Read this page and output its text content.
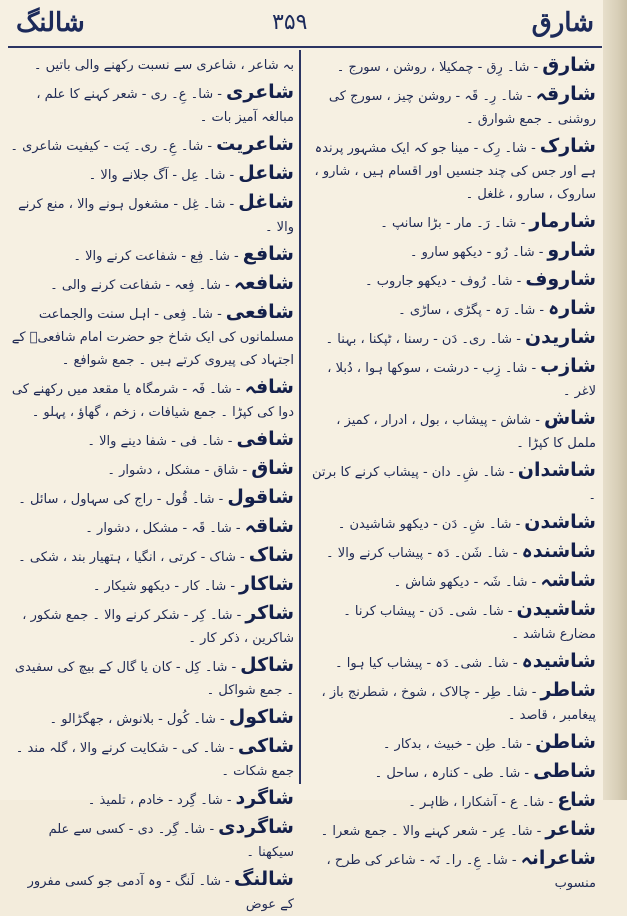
شارق
۳۵۹
شالنگ

شارق- شا۔ رِق - چمکیلا ، روشن ، سورج ۔

شارقہ- شا۔ رِ۔ قَہ - روشن چیز ، سورج کی روشنی ۔ جمع شوارق ۔

شارک- شا۔ رِک - مینا جو کہ ایک مشہور پرندہ ہے اور جس کی چند جنسیں اور اقسام ہیں ، شارو ، ساروک ، سارو ، غلغل ۔

شارمار- شا۔ رَ۔ مار - بڑا سانپ ۔

شارو- شا۔ رُو - دیکھو سارو ۔

شاروف- شا۔ رُوف - دیکھو جاروب ۔

شارہ- شا۔ رَہ - پگڑی ، ساڑی ۔

شاریدن- شا۔ ری۔ دَن - رسنا ، ٹپکنا ، بہنا ۔

شازب- شا۔ زِب - درشت ، سوکھا ہوا ، دُبلا ، لاغر ۔

شاش- شاش - پیشاب ، بول ، ادرار ، کمیز ، ململ کا کپڑا ۔

شاشدان- شا۔ شِ۔ دان - پیشاب کرنے کا برتن ۔

شاشدن- شا۔ شِ۔ دَن - دیکھو شاشیدن ۔

شاشندہ- شا۔ شَن۔ دَہ - پیشاب کرنے والا ۔

شاشہ- شا۔ شَہ - دیکھو شاش ۔

شاشیدن- شا۔ شی۔ دَن - پیشاب کرنا ۔ مضارع شاشد ۔

شاشیدہ- شا۔ شی۔ دَہ - پیشاب کیا ہوا ۔

شاطر- شا۔ طِر - چالاک ، شوخ ، شطرنج باز ، پیغامبر ، قاصد ۔

شاطن- شا۔ طِن - خبیث ، بدکار ۔

شاطی- شا۔ طی - کنارہ ، ساحل ۔

شاع- شا۔ ع - آشکارا ، ظاہر ۔

شاعر- شا۔ عِر - شعر کہنے والا ۔ جمع شعرا ۔

شاعرانہ- شا۔ عِ۔ را۔ نَہ - شاعر کی طرح ، منسوب

بہ شاعر ، شاعری سے نسبت رکھنے والی باتیں ۔

شاعری- شا۔ عِ۔ ری - شعر کہنے کا علم ، مبالغہ آمیز بات ۔

شاعریت- شا۔ عِ۔ ری۔ یَت - کیفیت شاعری ۔

شاعل- شا۔ عِل - آگ جلانے والا ۔

شاغل- شا۔ غِل - مشغول ہونے والا ، منع کرنے والا ۔

شافع- شا۔ فِع - شفاعت کرنے والا ۔

شافعہ- شا۔ فِعہ - شفاعت کرنے والی ۔

شافعی- شا۔ فِعی - اہل سنت والجماعت مسلمانوں کی ایک شاخ جو حضرت امام شافعیؒ کے اجتہاد کی پیروی کرتے ہیں ۔ جمع شوافع ۔

شافہ- شا۔ فَہ - شرمگاہ یا مقعد میں رکھنے کی دوا کی کپڑا ۔ جمع شیافات ، زخم ، گھاؤ ، پہلو ۔

شافی- شا۔ فی - شفا دینے والا ۔

شاق- شاق - مشکل ، دشوار ۔

شاقول- شا۔ قُول - راج کی سہاول ، سائل ۔

شاقہ- شا۔ قَہ - مشکل ، دشوار ۔

شاک- شاک - کرتی ، انگیا ، ہتھیار بند ، شکی ۔

شاکار- شا۔ کار - دیکھو شیکار ۔

شاکر- شا۔ کِر - شکر کرنے والا ۔ جمع شکور ، شاکرین ، ذکر کار ۔

شاکل- شا۔ کِل - کان یا گال کے بیچ کی سفیدی ۔ جمع شواکل ۔

شاکول- شا۔ کُول - بلانوش ، جھگڑالو ۔

شاکی- شا۔ کی - شکایت کرنے والا ، گلہ مند ۔ جمع شکات ۔

شاگرد- شا۔ گِرد - خادم ، تلمیذ ۔

شاگردی- شا۔ گِر۔ دی - کسی سے علم سیکھنا ۔

شالنگ- شا۔ لَنگ - وہ آدمی جو کسی مفرور کے عوض
